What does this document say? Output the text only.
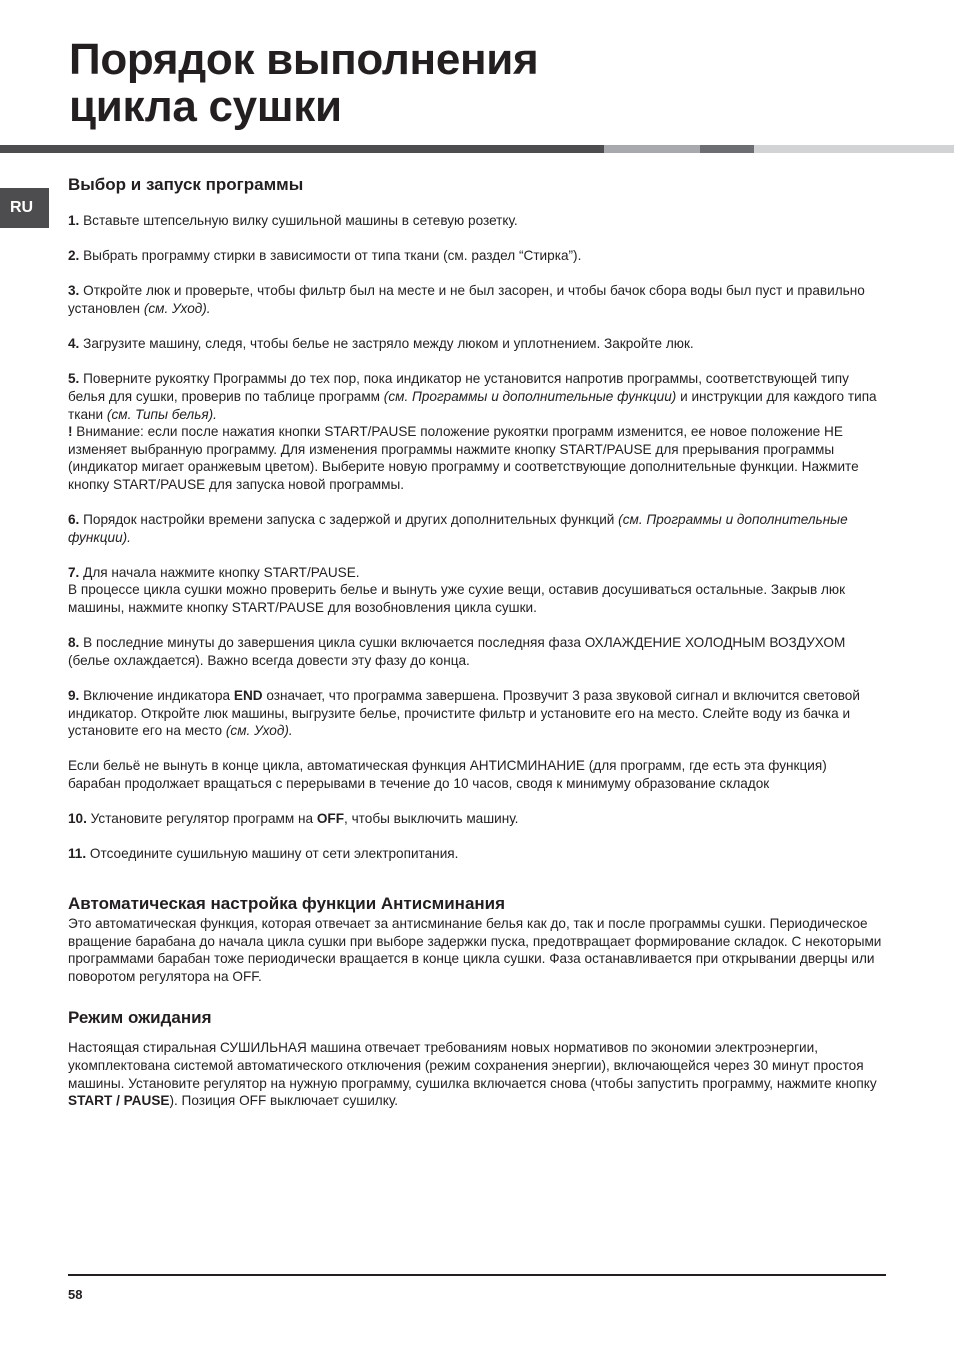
Порядок выполнения
цикла сушки
RU
Выбор и запуск программы

1. Вставьте штепсельную вилку сушильной машины в сетевую розетку.

2. Выбрать программу стирки в зависимости от типа ткани (см. раздел “Стирка”).

3. Откройте люк и проверьте, чтобы фильтр был на месте и не был засорен, и чтобы бачок сбора воды был пуст и правильно установлен (см. Уход).

4. Загрузите машину, следя, чтобы белье не застряло между люком и уплотнением. Закройте люк.

5. Поверните рукоятку Программы до тех пор, пока индикатор не установится напротив программы, соответствующей типу белья для сушки, проверив по таблице программ (см. Программы и дополнительные функции) и инструкции для каждого типа ткани (см. Типы белья).

! Внимание: если после нажатия кнопки START/PAUSE положение рукоятки программ изменится, ее новое положение НЕ изменяет выбранную программу. Для изменения программы нажмите кнопку START/PAUSE для прерывания программы (индикатор мигает оранжевым цветом). Выберите новую программу и соответствующие дополнительные функции. Нажмите кнопку START/PAUSE для запуска новой программы.

6. Порядок настройки времени запуска с задержой и других дополнительных функций (см. Программы и дополнительные функции).

7. Для начала нажмите кнопку START/PAUSE.

В процессе цикла сушки можно проверить белье и вынуть уже сухие вещи, оставив досушиваться остальные. Закрыв люк машины, нажмите кнопку START/PAUSE для возобновления цикла сушки.

8. В последние минуты до завершения цикла сушки включается последняя фаза ОХЛАЖДЕНИЕ ХОЛОДНЫМ ВОЗДУХОМ (белье охлаждается). Важно всегда довести эту фазу до конца.

9. Включение индикатора END означает, что программа завершена. Прозвучит 3 раза звуковой сигнал и включится световой индикатор. Откройте люк машины, выгрузите белье, прочистите фильтр и установите его на место. Слейте воду из бачка и установите его на место (см. Уход).

Если бельё не вынуть в конце цикла, автоматическая функция АНТИСМИНАНИЕ (для программ, где есть эта функция) барабан продолжает вращаться с перерывами в течение до 10 часов, сводя к минимуму образование складок

10. Установите регулятор программ на OFF, чтобы выключить машину.

11. Отсоедините сушильную машину от сети электропитания.

Автоматическая настройка функции Антисминания

Это автоматическая функция, которая отвечает за антисминание белья как до, так и после программы сушки. Периодическое вращение барабана до начала цикла сушки при выборе задержки пуска, предотвращает формирование складок. С некоторыми программами барабан тоже периодически вращается в конце цикла сушки. Фаза останавливается при открывании дверцы или поворотом регулятора на OFF.

Режим ожидания

Настоящая стиральная СУШИЛЬНАЯ машина отвечает требованиям новых нормативов по экономии электроэнергии, укомплектована системой автоматического отключения (режим сохранения энергии), включающейся через 30 минут простоя машины. Установите регулятор на нужную программу, сушилка включается снова (чтобы запустить программу, нажмите кнопку START / PAUSE). Позиция OFF выключает сушилку.

58
